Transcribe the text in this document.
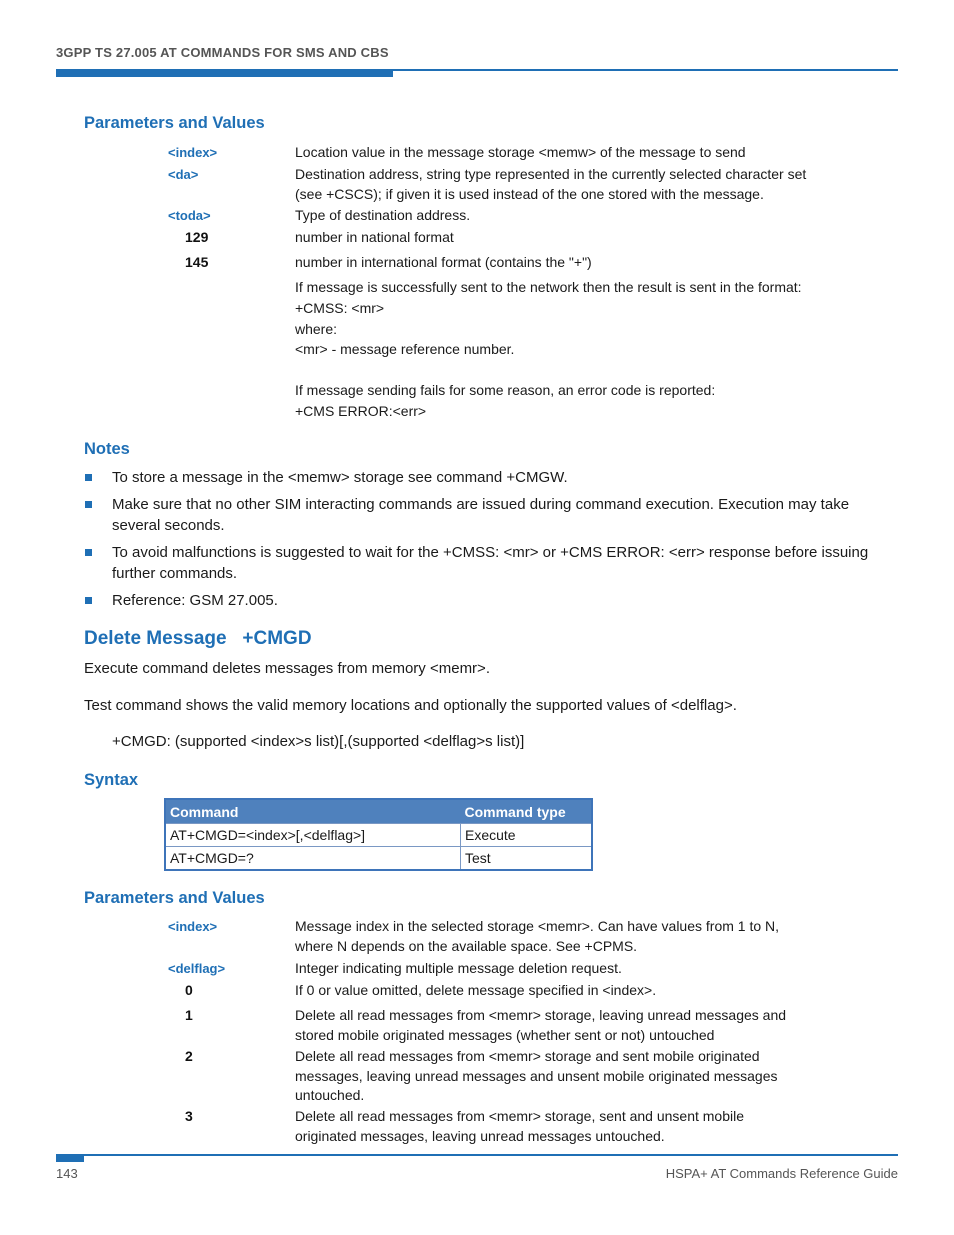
3GPP TS 27.005 AT COMMANDS FOR SMS AND CBS
Parameters and Values
<index>	Location value in the message storage <memw> of the message to send
<da>	Destination address, string type represented in the currently selected character set (see +CSCS); if given it is used instead of the one stored with the message.
<toda>	Type of destination address.
129	number in national format
145	number in international format (contains the "+")
If message is successfully sent to the network then the result is sent in the format:
+CMSS: <mr>
where:
<mr> - message reference number.
If message sending fails for some reason, an error code is reported:
+CMS ERROR:<err>
Notes
To store a message in the <memw> storage see command +CMGW.
Make sure that no other SIM interacting commands are issued during command execution. Execution may take several seconds.
To avoid malfunctions is suggested to wait for the +CMSS: <mr> or +CMS ERROR: <err> response before issuing further commands.
Reference: GSM 27.005.
Delete Message   +CMGD
Execute command deletes messages from memory <memr>.
Test command shows the valid memory locations and optionally the supported values of <delflag>.
+CMGD: (supported <index>s list)[,(supported <delflag>s list)]
Syntax
Command	Command type
AT+CMGD=<index>[,<delflag>]	Execute
AT+CMGD=?	Test
Parameters and Values
<index>	Message index in the selected storage <memr>. Can have values from 1 to N, where N depends on the available space. See +CPMS.
<delflag>	Integer indicating multiple message deletion request.
0	If 0 or value omitted, delete message specified in <index>.
1	Delete all read messages from <memr> storage, leaving unread messages and stored mobile originated messages (whether sent or not) untouched
2	Delete all read messages from <memr> storage and sent mobile originated messages, leaving unread messages and unsent mobile originated messages untouched.
3	Delete all read messages from <memr> storage, sent and unsent mobile originated messages, leaving unread messages untouched.
143	HSPA+ AT Commands Reference Guide
